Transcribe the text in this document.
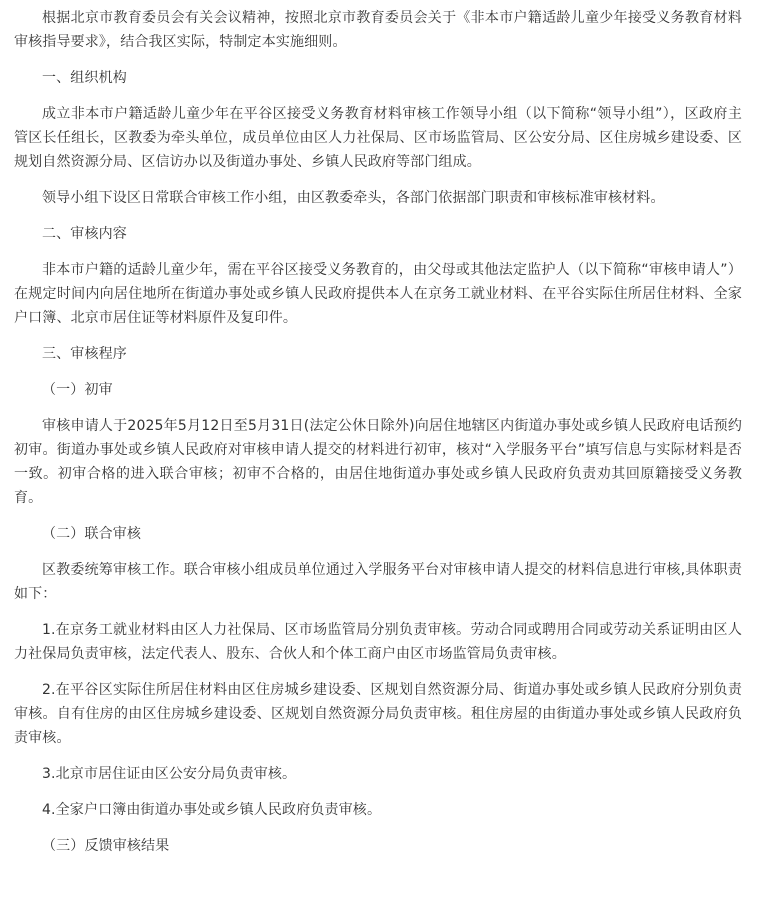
根据北京市教育委员会有关会议精神，按照北京市教育委员会关于《非本市户籍适龄儿童少年接受义务教育材料审核指导要求》，结合我区实际，特制定本实施细则。

一、组织机构

成立非本市户籍适龄儿童少年在平谷区接受义务教育材料审核工作领导小组（以下简称“领导小组”），区政府主管区长任组长，区教委为牵头单位，成员单位由区人力社保局、区市场监管局、区公安分局、区住房城乡建设委、区规划自然资源分局、区信访办以及街道办事处、乡镇人民政府等部门组成。

领导小组下设区日常联合审核工作小组，由区教委牵头，各部门依据部门职责和审核标准审核材料。

二、审核内容

非本市户籍的适龄儿童少年，需在平谷区接受义务教育的，由父母或其他法定监护人（以下简称“审核申请人”）在规定时间内向居住地所在街道办事处或乡镇人民政府提供本人在京务工就业材料、在平谷实际住所居住材料、全家户口簿、北京市居住证等材料原件及复印件。

三、审核程序

（一）初审

审核申请人于2025年5月12日至5月31日(法定公休日除外)向居住地辖区内街道办事处或乡镇人民政府电话预约初审。街道办事处或乡镇人民政府对审核申请人提交的材料进行初审，核对“入学服务平台”填写信息与实际材料是否一致。初审合格的进入联合审核；初审不合格的，由居住地街道办事处或乡镇人民政府负责劝其回原籍接受义务教育。

（二）联合审核

区教委统筹审核工作。联合审核小组成员单位通过入学服务平台对审核申请人提交的材料信息进行审核,具体职责如下：

1.在京务工就业材料由区人力社保局、区市场监管局分别负责审核。劳动合同或聘用合同或劳动关系证明由区人力社保局负责审核，法定代表人、股东、合伙人和个体工商户由区市场监管局负责审核。

2.在平谷区实际住所居住材料由区住房城乡建设委、区规划自然资源分局、街道办事处或乡镇人民政府分别负责审核。自有住房的由区住房城乡建设委、区规划自然资源分局负责审核。租住房屋的由街道办事处或乡镇人民政府负责审核。

3.北京市居住证由区公安分局负责审核。

4.全家户口簿由街道办事处或乡镇人民政府负责审核。

（三）反馈审核结果
